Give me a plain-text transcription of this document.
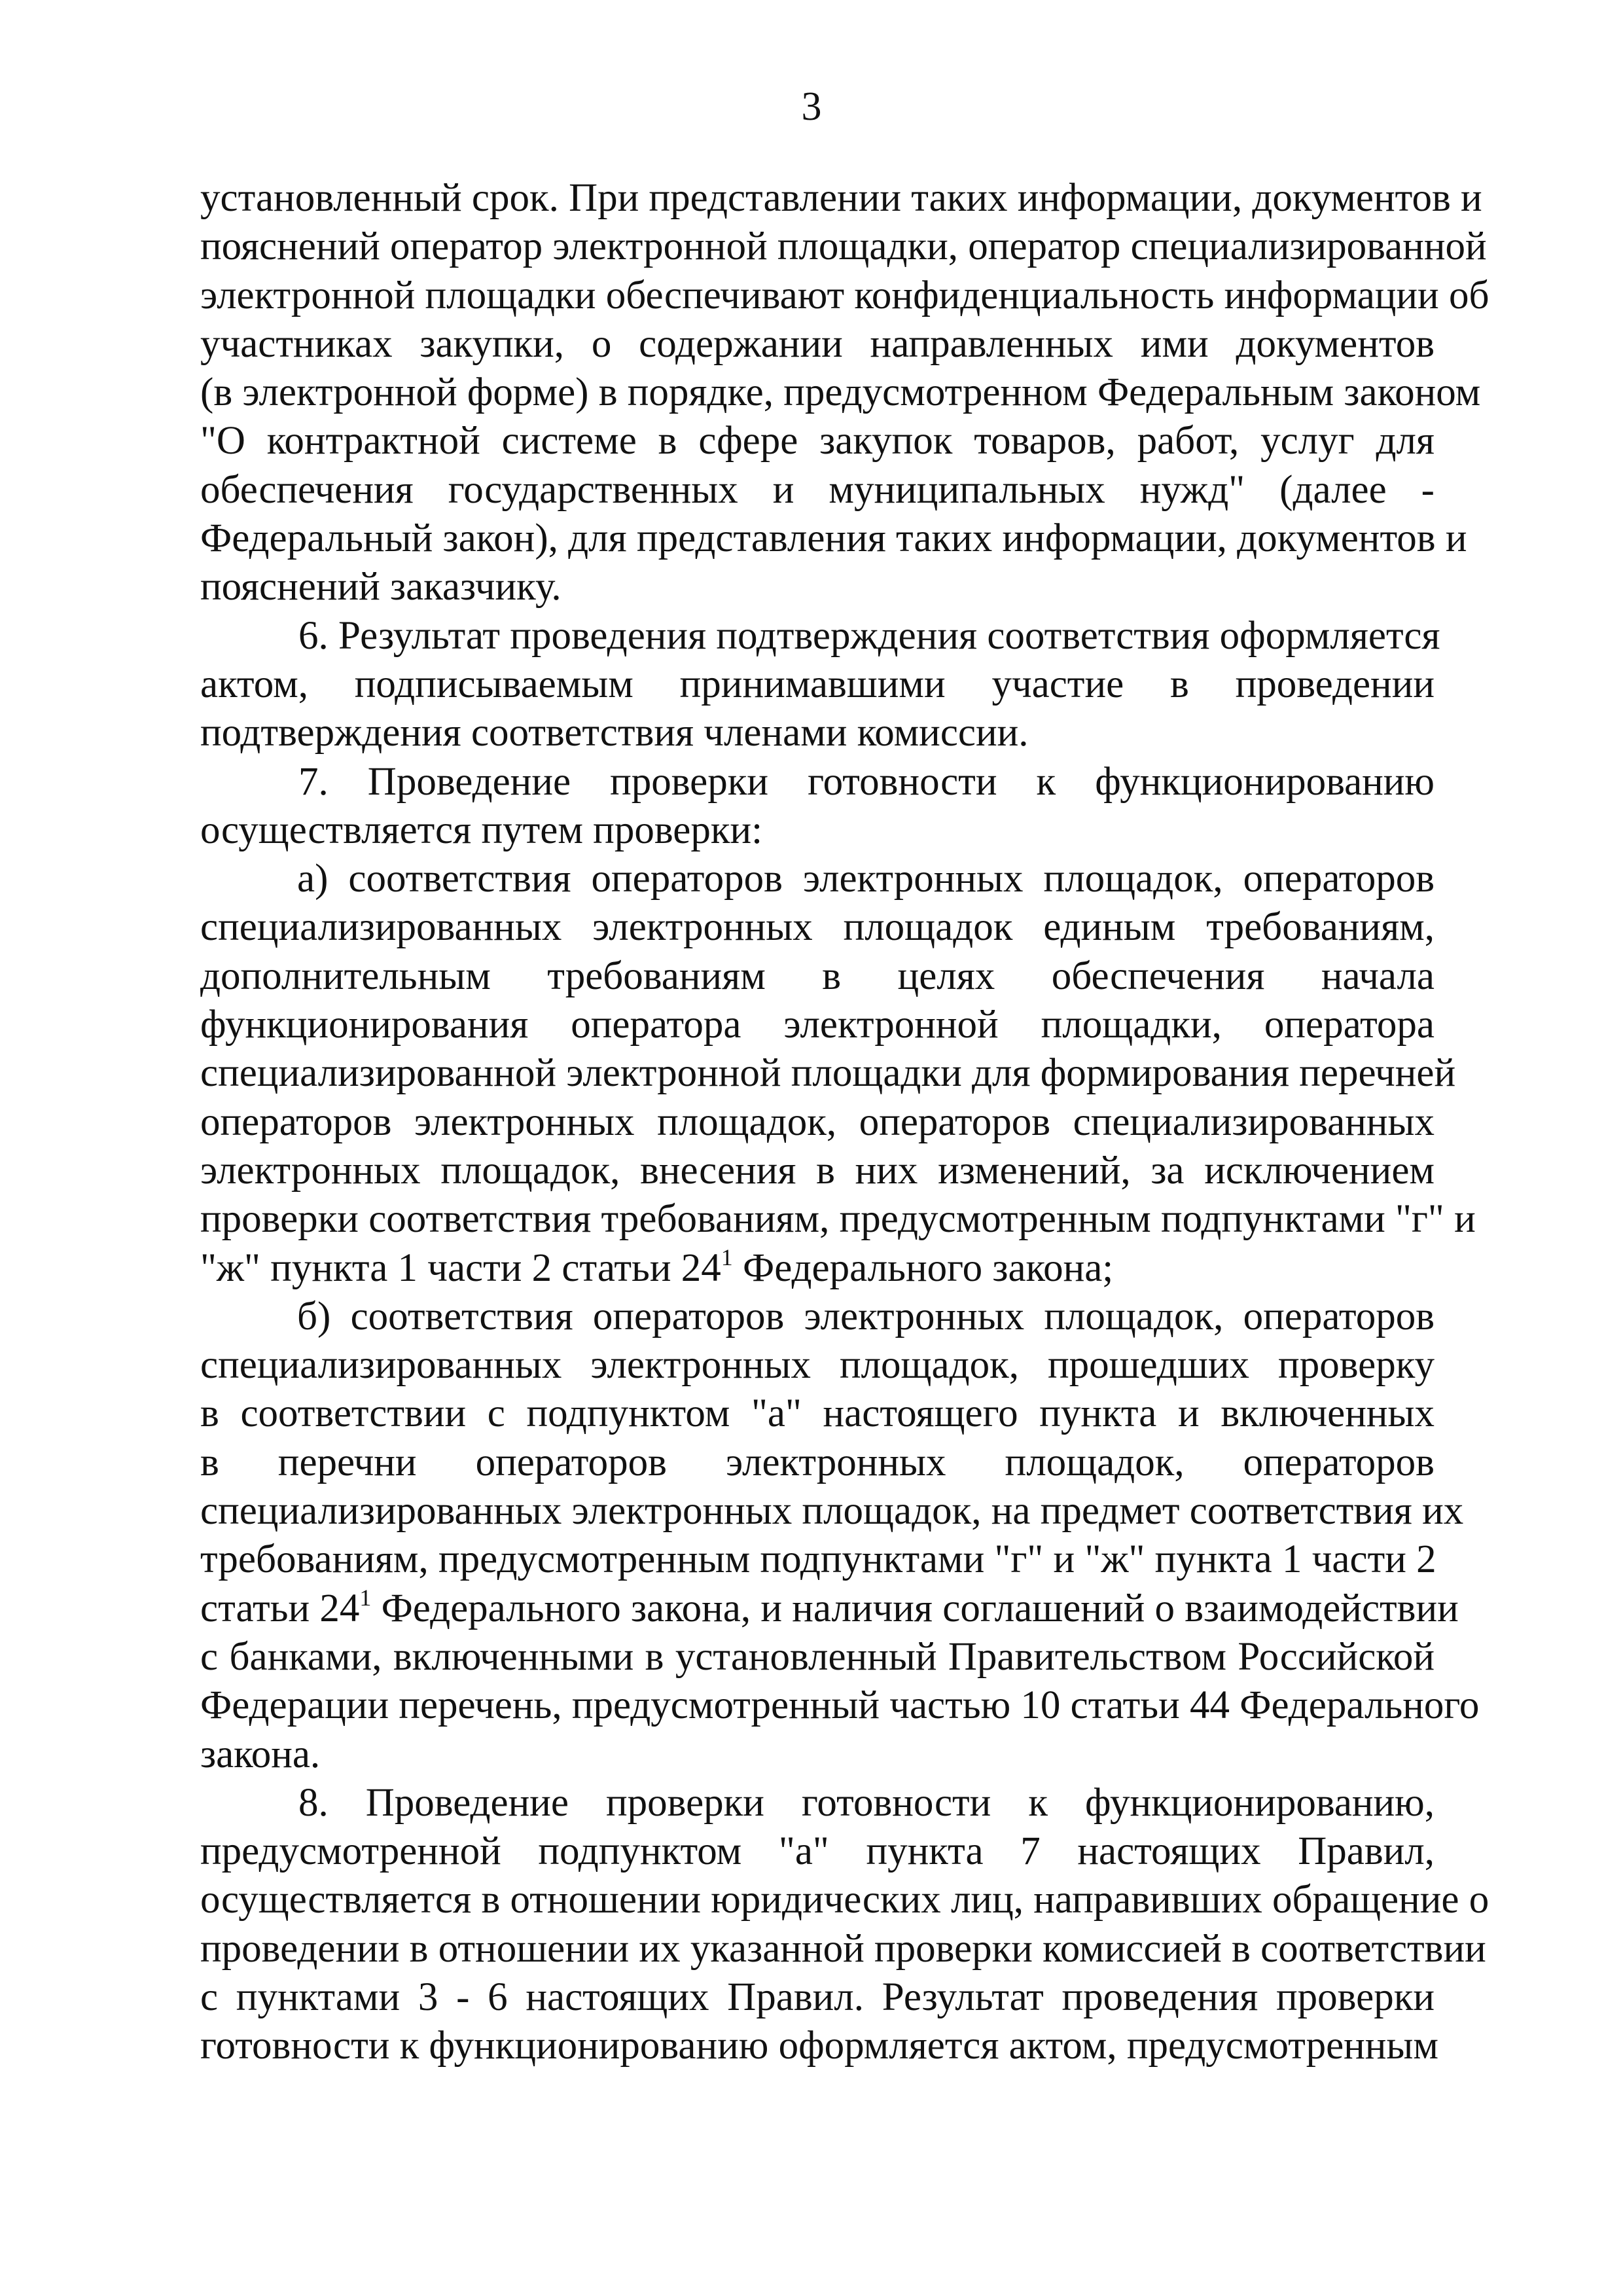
3
установленный срок. При представлении таких информации, документов и
пояснений оператор электронной площадки, оператор специализированной
электронной площадки обеспечивают конфиденциальность информации об
участниках закупки, о содержании направленных ими документов
(в электронной форме) в порядке, предусмотренном Федеральным законом
"О контрактной системе в сфере закупок товаров, работ, услуг для
обеспечения государственных и муниципальных нужд" (далее -
Федеральный закон), для представления таких информации, документов и
пояснений заказчику.
6. Результат проведения подтверждения соответствия оформляется
актом, подписываемым принимавшими участие в проведении
подтверждения соответствия членами комиссии.
7. Проведение проверки готовности к функционированию
осуществляется путем проверки:
а) соответствия операторов электронных площадок, операторов
специализированных электронных площадок единым требованиям,
дополнительным требованиям в целях обеспечения начала
функционирования оператора электронной площадки, оператора
специализированной электронной площадки для формирования перечней
операторов электронных площадок, операторов специализированных
электронных площадок, внесения в них изменений, за исключением
проверки соответствия требованиям, предусмотренным подпунктами "г" и
"ж" пункта 1 части 2 статьи $24^1$ Федерального закона;
б) соответствия операторов электронных площадок, операторов
специализированных электронных площадок, прошедших проверку
в соответствии с подпунктом "а" настоящего пункта и включенных
в перечни операторов электронных площадок, операторов
специализированных электронных площадок, на предмет соответствия их
требованиям, предусмотренным подпунктами "г" и "ж" пункта 1 части 2
статьи $24^1$ Федерального закона, и наличия соглашений о взаимодействии
с банками, включенными в установленный Правительством Российской
Федерации перечень, предусмотренный частью 10 статьи 44 Федерального
закона.
8. Проведение проверки готовности к функционированию,
предусмотренной подпунктом "а" пункта 7 настоящих Правил,
осуществляется в отношении юридических лиц, направивших обращение о
проведении в отношении их указанной проверки комиссией в соответствии
с пунктами 3 - 6 настоящих Правил. Результат проведения проверки
готовности к функционированию оформляется актом, предусмотренным
